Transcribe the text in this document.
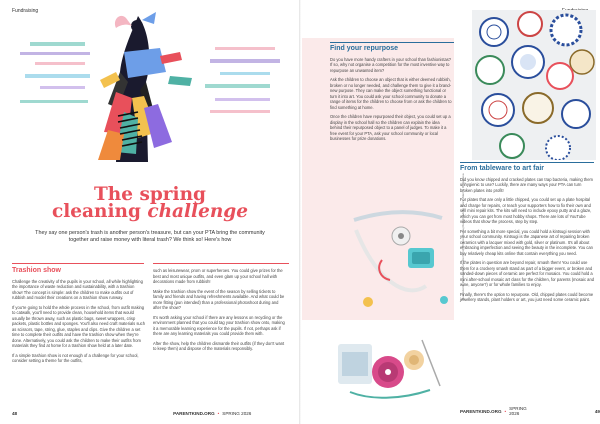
Fundraising
The spring
cleaning challenge
They say one person's trash is another person's treasure, but can your PTA bring the community together and raise money with literal trash? We think so! Here's how
Trashion show

Challenge the creativity of the pupils in your school, all while highlighting the importance of waste reduction and sustainability, with a trashion show! The concept is simple: ask the children to make outfits out of rubbish and model their creations on a trashion show runway.

If you're going to hold the whole process in the school, from outfit making to catwalk, you'll need to provide clean, household items that would usually be thrown away, such as plastic bags, sweet wrappers, crisp packets, plastic bottles and sponges. You'll also need craft materials such as scissors, tape, string, glue, staples and clips. Give the children a set time to complete their outfits and have the trashion show when they're done. Alternatively, you could ask the children to make their outfits from materials they find at home for a trashion show held at a later date.

If a simple trashion show is not enough of a challenge for your school, consider setting a theme for the outfits,

such as leisurewear, prom or superheroes. You could give prizes for the best and most unique outfits, and even glam up your school hall with decorations made from rubbish!

Make the trashion show the event of the season by selling tickets to family and friends and having refreshments available. And what could be more fitting (pun intended) than a professional photoshoot during and after the show?

It's worth asking your school if there are any lessons on recycling or the environment planned that you could tag your trashion show onto, making it a memorable learning experience for the pupils. If not, perhaps ask if there are any learning materials you could provide them with.

After the show, help the children dismantle their outfits (if they don't want to keep them) and dispose of the materials responsibly.

48	PARENTKIND.ORG • SPRING 2026
Find your repurpose

Do you have more handy crafters in your school than fashionistas? If so, why not organise a competition for the most inventive way to repurpose an unwanted item?

Ask the children to choose an object that is either deemed rubbish, broken or no longer needed, and challenge them to give it a brand-new purpose. They can make the object something functional or turn it into art. You could ask your school community to donate a range of items for the children to choose from or ask the children to find something at home.

Once the children have repurposed their object, you could set up a display in the school hall so the children can explain the idea behind their repurposed object to a panel of judges. To make it a free event for your PTA, ask your school community or local businesses for prize donations.

Illustrations: iStock, jellyfishwaterhand; Photos: Pankaj Kumar, Adobe Stock, Marina Romanova
From tableware to art fair

Did you know chipped and cracked plates can trap bacteria, making them unhygienic to use? Luckily, there are many ways your PTA can turn broken plates into profit!

For plates that are only a little chipped, you could set up a plate hospital and charge for repairs, or teach your supporters how to fix their own and sell mini repair kits. The kits will need to include epoxy putty and a glaze, which you can get from most hobby shops. There are lots of YouTube videos that show the process, step by step.

For something a bit more special, you could hold a kintsugi session with your school community. Kintsugi is the Japanese art of repairing broken ceramics with a lacquer mixed with gold, silver or platinum. It's all about embracing imperfection and seeing the beauty in the incomplete. You can buy relatively cheap kits online that contain everything you need.

If the plates in question are beyond repair, smash them! You could use them for a crockery smash stand as part of a bigger event, or broken and sanded-down pieces of ceramic are perfect for mosaics. You could hold a mini after-school mosaic art class for the children, for parents (mosaic and wine, anyone?) or for whole families to enjoy.

Finally, there's the option to repurpose. Old, chipped plates could become jewellery stands, plant holders or art, you just need some ceramic paint.

PARENTKIND.ORG • SPRING 2026	49
